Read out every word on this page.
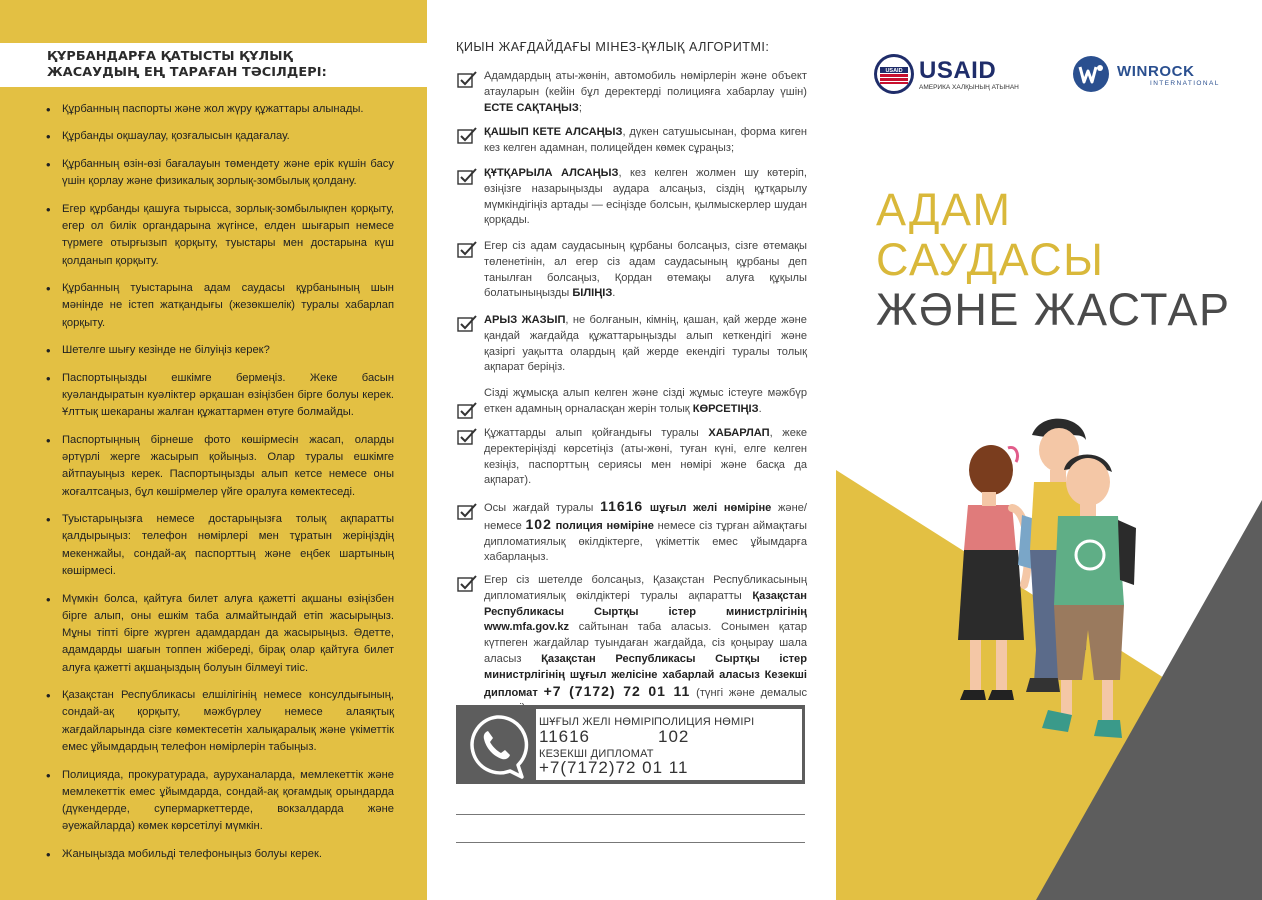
ҚҰРБАНДАРҒА ҚАТЫСТЫ ҚҰЛЫҚ

ЖАСАУДЫҢ ЕҢ ТАРАҒАН ТӘСІЛДЕРІ:

• Құрбанның паспорты және жол жүру құжаттары алынады.
• Құрбанды оқшаулау, қозғалысын қадағалау.
• Құрбанның өзін-өзі бағалауын төмендету және ерік күшін басу үшін қорлау және физикалық зорлық-зомбылық қолдану.
• Егер құрбанды қашуға тырысса, зорлық-зомбылықпен қорқыту, егер ол билік органдарына жүгінсе, елден шығарып немесе түрмеге отырғызып қорқыту, туыстары мен достарына күш қолданып қорқыту.
• Құрбанның туыстарына адам саудасы құрбанының шын мәнінде не істеп жатқандығы (жезөкшелік) туралы хабарлап қорқыту.
• Шетелге шығу кезінде не білуіңіз керек?
• Паспортыңызды ешкімге бермеңіз. Жеке басын куәландыратын куәліктер әрқашан өзіңізбен бірге болуы керек. Ұлттық шекараны жалған құжаттармен өтуге болмайды.
• Паспортыңның бірнеше фото көшірмесін жасап, оларды әртүрлі жерге жасырып қойыңыз. Олар туралы ешкімге айтпауыңыз керек. Паспортыңызды алып кетсе немесе оны жоғалтсаңыз, бұл көшірмелер үйге оралуға көмектеседі.
• Туыстарыңызға немесе достарыңызға толық ақпаратты қалдырыңыз: телефон нөмірлері мен тұратын жеріңіздің мекенжайы, сондай-ақ паспорттың және еңбек шартының көшірмесі.
• Мүмкін болса, қайтуға билет алуға қажетті ақшаны өзіңізбен бірге алып, оны ешкім таба алмайтындай етіп жасырыңыз. Мұны тіпті бірге жүрген адамдардан да жасырыңыз. Әдетте, адамдарды шағын топпен жібереді, бірақ олар қайтуға билет алуға қажетті ақшаңыздың болуын білмеуі тиіс.
• Қазақстан Республикасы елшілігінің немесе консулдығының, сондай-ақ қорқыту, мәжбүрлеу немесе алаяқтық жағдайларында сізге көмектесетін халықаралық және үкіметтік емес ұйымдардың телефон нөмірлерін табыңыз.
• Полицияда, прокуратурада, ауруханаларда, мемлекеттік және мемлекеттік емес ұйымдарда, сондай-ақ қоғамдық орындарда (дүкендерде, супермаркеттерде, вокзалдарда және әуежайларда) көмек көрсетілуі мүмкін.
• Жаныңызда мобильді телефоныңыз болуы керек.
ҚИЫН ЖАҒДАЙДАҒЫ МІНЕЗ-ҚҰЛЫҚ АЛГОРИТМІ:
Адамдардың аты-жөнін, автомобиль нөмірлерін және объект атауларын (кейін бұл деректерді полицияға хабарлау үшін) ЕСТЕ САҚТАҢЫЗ;
ҚАШЫП КЕТЕ АЛСАҢЫЗ, дүкен сатушысынан, форма киген кез келген адамнан, полицейден көмек сұраңыз;
ҚҰТҚАРЫЛА АЛСАҢЫЗ, кез келген жолмен шу көтеріп, өзіңізге назарыңызды аудара алсаңыз, сіздің құтқарылу мүмкіндігіңіз артады — есіңізде болсын, қылмыскерлер шудан қорқады.
Егер сіз адам саудасының құрбаны болсаңыз, сізге өтемақы төленетінін, ал егер сіз адам саудасының құрбаны деп танылған болсаңыз, Қордан өтемақы алуға құқылы болатыныңызды БІЛІҢІЗ.
АРЫЗ ЖАЗЫП, не болғанын, кімнің, қашан, қай жерде және қандай жағдайда құжаттарыңызды алып кеткендігі және қазіргі уақытта олардың қай жерде екендігі туралы толық ақпарат беріңіз.
Сізді жұмысқа алып келген және сізді жұмыс істеуге мәжбүр еткен адамның орналасқан жерін толық КӨРСЕТІҢІЗ.
Құжаттарды алып қойғандығы туралы ХАБАРЛАП, жеке деректеріңізді көрсетіңіз (аты-жөні, туған күні, елге келген кезіңіз, паспорттың сериясы мен нөмірі және басқа да ақпарат).
Осы жағдай туралы 11616 шұғыл желі нөміріне және/немесе 102 полиция нөміріне немесе сіз тұрған аймақтағы дипломатиялық өкілдіктерге, үкіметтік емес ұйымдарға хабарлаңыз.
Егер сіз шетелде болсаңыз, Қазақстан Республикасының дипломатиялық өкілдіктері туралы ақпаратты Қазақстан Республикасы Сыртқы істер министрлігінің www.mfa.gov.kz сайтынан таба аласыз. Сонымен қатар күтпеген жағдайлар туындаған жағдайда, сіз қоңырау шала аласыз Қазақстан Республикасы Сыртқы істер министрлігінің шұғыл желісіне хабарлай аласыз Кезекші дипломат +7 (7172) 72 01 11 (түнгі және демалыс
ШҰҒЫЛ ЖЕЛІ НӨМІРІ ПОЛИЦИЯ НӨМІРІ
11616	102
КЕЗЕКШІ ДИПЛОМАТ
+7(7172)72 01 11
USAID USAID
АМЕРИКА ХАЛҚЫНЫҢ АТЫНАН
WINROCK
INTERNATIONAL
АДАМ
САУДАСЫ
ЖӘНЕ ЖАСТАР
